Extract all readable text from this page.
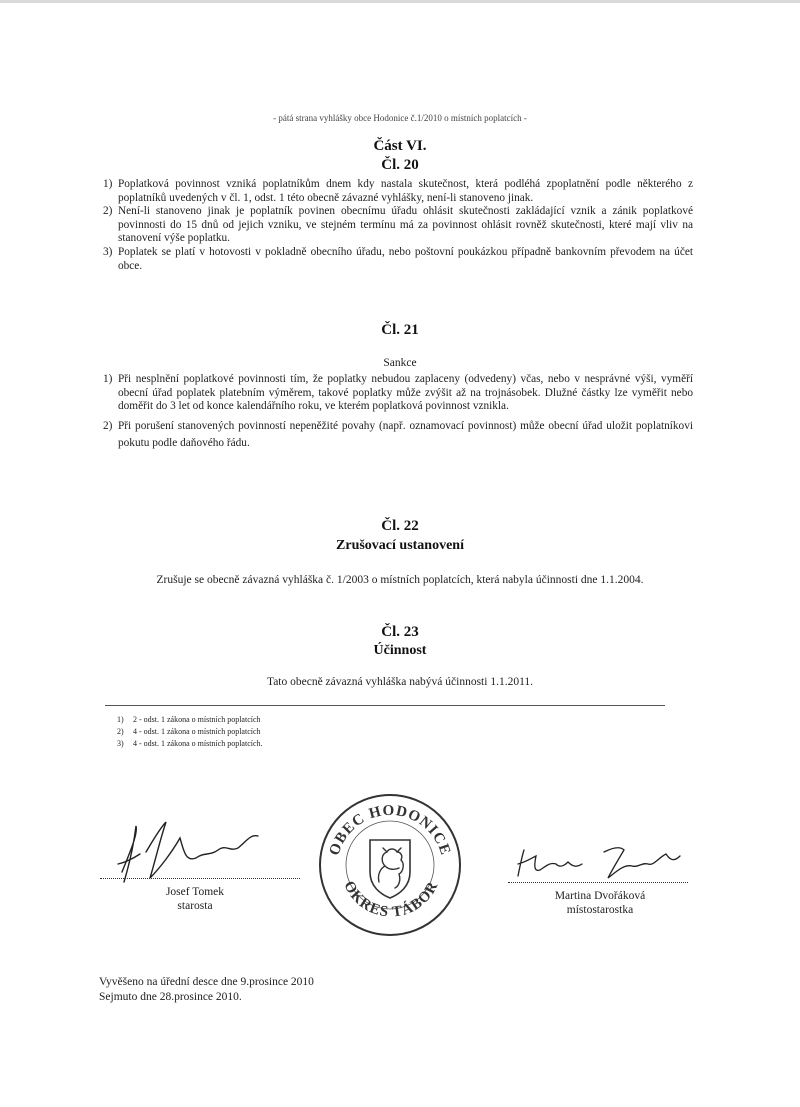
- pátá strana vyhlášky obce Hodonice č.1/2010 o místních poplatcích -
Část VI.
Čl. 20
1) Poplatková povinnost vzniká poplatníkům dnem kdy nastala skutečnost, která podléhá zpoplatnění podle některého z poplatníků uvedených v čl. 1, odst. 1 této obecně závazné vyhlášky, není-li stanoveno jinak.
2) Není-li stanoveno jinak je poplatník povinen obecnímu úřadu ohlásit skutečnosti zakládající vznik a zánik poplatkové povinnosti do 15 dnů od jejich vzniku, ve stejném termínu má za povinnost ohlásit rovněž skutečnosti, které mají vliv na stanovení výše poplatku.
3) Poplatek se platí v hotovosti v pokladně obecního úřadu, nebo poštovní poukázkou případně bankovním převodem na účet obce.
Čl. 21
Sankce
1) Při nesplnění poplatkové povinnosti tím, že poplatky nebudou zaplaceny (odvedeny) včas, nebo v nesprávné výši, vyměří obecní úřad poplatek platebním výměrem, takové poplatky může zvýšit až na trojnásobek. Dlužné částky lze vyměřit nebo doměřit do 3 let od konce kalendářního roku, ve kterém poplatková povinnost vznikla.
2) Při porušení stanovených povinností nepeněžité povahy (např. oznamovací povinnost) může obecní úřad uložit poplatníkovi pokutu podle daňového řádu.
Čl. 22
Zrušovací ustanovení
Zrušuje se obecně závazná vyhláška č. 1/2003 o místních poplatcích, která nabyla účinnosti dne 1.1.2004.
Čl. 23
Účinnost
Tato obecně závazná vyhláška nabývá účinnosti 1.1.2011.
1) 2 - odst. 1 zákona o místních poplatcích
2) 4 - odst. 1 zákona o místních poplatcích
3) 4 - odst. 1 zákona o místních poplatcích.
Josef Tomek
starosta
OBEC HODONICE
OKRES TÁBOR	Martina Dvořáková
místostarostka
Vyvěšeno na úřední desce dne 9.prosince 2010
Sejmuto dne 28.prosince 2010.
